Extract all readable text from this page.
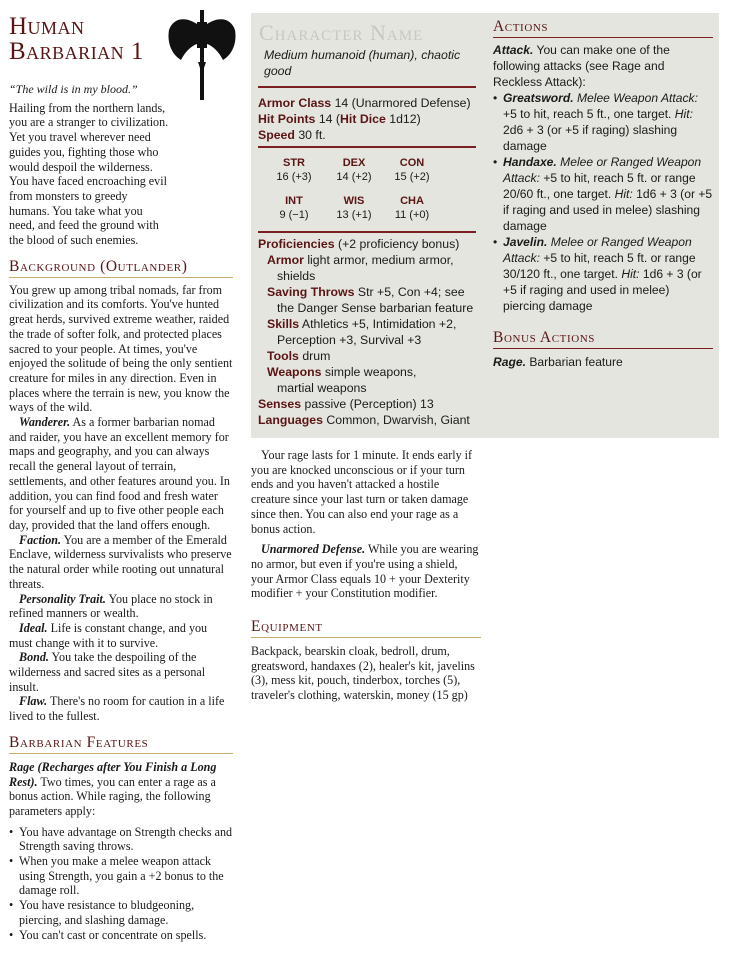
Human
Barbarian 1

“The wild is in my blood.”

Hailing from the northern lands, you are a stranger to civilization. Yet you travel wherever need guides you, fighting those who would despoil the wilderness. You have faced encroaching evil from monsters to greedy humans. You take what you need, and feed the ground with the blood of such enemies.

Background (Outlander)

You grew up among tribal nomads, far from civilization and its comforts. You've hunted great herds, survived extreme weather, raided the trade of softer folk, and protected places sacred to your people. At times, you've enjoyed the solitude of being the only sentient creature for miles in any direction. Even in places where the terrain is new, you know the ways of the wild.

Wanderer. As a former barbarian nomad and raider, you have an excellent memory for maps and geography, and you can always recall the general layout of terrain, settlements, and other features around you. In addition, you can find food and fresh water for yourself and up to five other people each day, provided that the land offers enough.

Faction. You are a member of the Emerald Enclave, wilderness survivalists who preserve the natural order while rooting out unnatural threats.

Personality Trait. You place no stock in refined manners or wealth.

Ideal. Life is constant change, and you must change with it to survive.

Bond. You take the despoiling of the wilderness and sacred sites as a personal insult.

Flaw. There's no room for caution in a life lived to the fullest.

Barbarian Features

Rage (Recharges after You Finish a Long Rest). Two times, you can enter a rage as a bonus action. While raging, the following parameters apply:

• You have advantage on Strength checks and Strength saving throws.
• When you make a melee weapon attack using Strength, you gain a +2 bonus to the damage roll.
• You have resistance to bludgeoning, piercing, and slashing damage.
• You can't cast or concentrate on spells.
Character Name
Medium humanoid (human), chaotic good
Armor Class 14 (Unarmored Defense)
Hit Points 14 (Hit Dice 1d12)
Speed 30 ft.
STR
16 (+3)
DEX
14 (+2)
CON
15 (+2)
INT
9 (−1)
WIS
13 (+1)
CHA
11 (+0)
Proficiencies (+2 proficiency bonus)
Armor light armor, medium armor, shields
Saving Throws Str +5, Con +4; see the Danger Sense barbarian feature
Skills Athletics +5, Intimidation +2, Perception +3, Survival +3
Tools drum
Weapons simple weapons, martial weapons
Senses passive (Perception) 13
Languages Common, Dwarvish, Giant

Your rage lasts for 1 minute. It ends early if you are knocked unconscious or if your turn ends and you haven't attacked a hostile creature since your last turn or taken damage since then. You can also end your rage as a bonus action.

Unarmored Defense. While you are wearing no armor, but even if you're using a shield, your Armor Class equals 10 + your Dexterity modifier + your Constitution modifier.

Equipment

Backpack, bearskin cloak, bedroll, drum, greatsword, handaxes (2), healer's kit, javelins (3), mess kit, pouch, tinderbox, torches (5), traveler's clothing, waterskin, money (15 gp)

Actions
Attack. You can make one of the following attacks (see Rage and Reckless Attack):
• Greatsword. Melee Weapon Attack: +5 to hit, reach 5 ft., one target. Hit: 2d6 + 3 (or +5 if raging) slashing damage
• Handaxe. Melee or Ranged Weapon Attack: +5 to hit, reach 5 ft. or range 20/60 ft., one target. Hit: 1d6 + 3 (or +5 if raging and used in melee) slashing damage
• Javelin. Melee or Ranged Weapon Attack: +5 to hit, reach 5 ft. or range 30/120 ft., one target. Hit: 1d6 + 3 (or +5 if raging and used in melee) piercing damage
Bonus Actions
Rage. Barbarian feature
